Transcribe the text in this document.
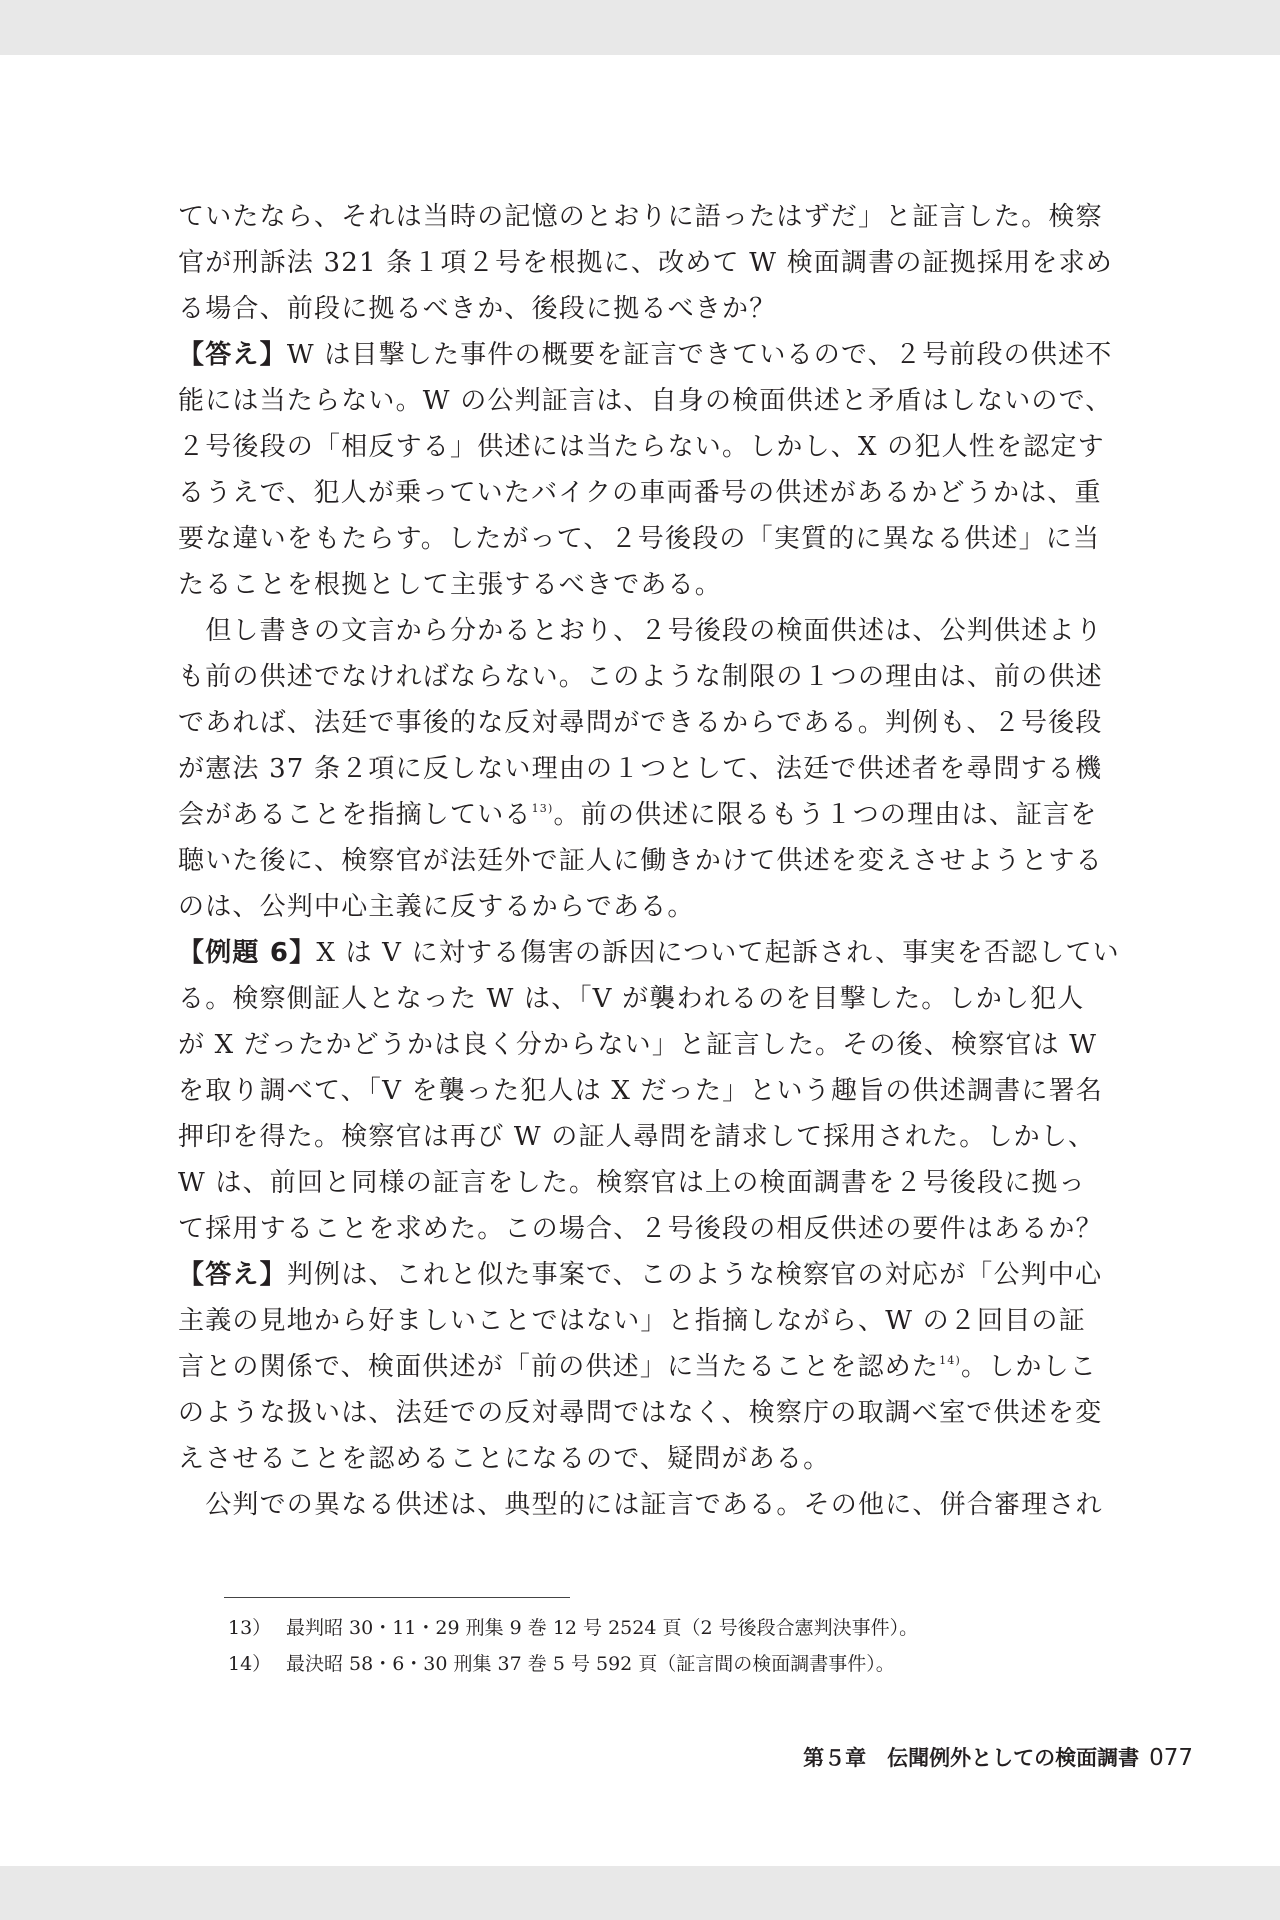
ていたなら、それは当時の記憶のとおりに語ったはずだ」と証言した。検察
官が刑訴法 321 条１項２号を根拠に、改めて W 検面調書の証拠採用を求め
る場合、前段に拠るべきか、後段に拠るべきか？
【答え】W は目撃した事件の概要を証言できているので、２号前段の供述不
能には当たらない。W の公判証言は、自身の検面供述と矛盾はしないので、
２号後段の「相反する」供述には当たらない。しかし、X の犯人性を認定す
るうえで、犯人が乗っていたバイクの車両番号の供述があるかどうかは、重
要な違いをもたらす。したがって、２号後段の「実質的に異なる供述」に当
たることを根拠として主張するべきである。
　但し書きの文言から分かるとおり、２号後段の検面供述は、公判供述より
も前の供述でなければならない。このような制限の１つの理由は、前の供述
であれば、法廷で事後的な反対尋問ができるからである。判例も、２号後段
が憲法 37 条２項に反しない理由の１つとして、法廷で供述者を尋問する機
会があることを指摘している$^{13)}$。前の供述に限るもう１つの理由は、証言を
聴いた後に、検察官が法廷外で証人に働きかけて供述を変えさせようとする
のは、公判中心主義に反するからである。
【例題 6】X は V に対する傷害の訴因について起訴され、事実を否認してい
る。検察側証人となった W は、「V が襲われるのを目撃した。しかし犯人
が X だったかどうかは良く分からない」と証言した。その後、検察官は W
を取り調べて、「V を襲った犯人は X だった」という趣旨の供述調書に署名
押印を得た。検察官は再び W の証人尋問を請求して採用された。しかし、
W は、前回と同様の証言をした。検察官は上の検面調書を２号後段に拠っ
て採用することを求めた。この場合、２号後段の相反供述の要件はあるか？
【答え】判例は、これと似た事案で、このような検察官の対応が「公判中心
主義の見地から好ましいことではない」と指摘しながら、W の２回目の証
言との関係で、検面供述が「前の供述」に当たることを認めた$^{14)}$。しかしこ
のような扱いは、法廷での反対尋問ではなく、検察庁の取調べ室で供述を変
えさせることを認めることになるので、疑問がある。
　公判での異なる供述は、典型的には証言である。その他に、併合審理され
13） 最判昭 30・11・29 刑集 9 巻 12 号 2524 頁（2 号後段合憲判決事件）。
14） 最決昭 58・6・30 刑集 37 巻 5 号 592 頁（証言間の検面調書事件）。
第５章　伝聞例外としての検面調書 077
